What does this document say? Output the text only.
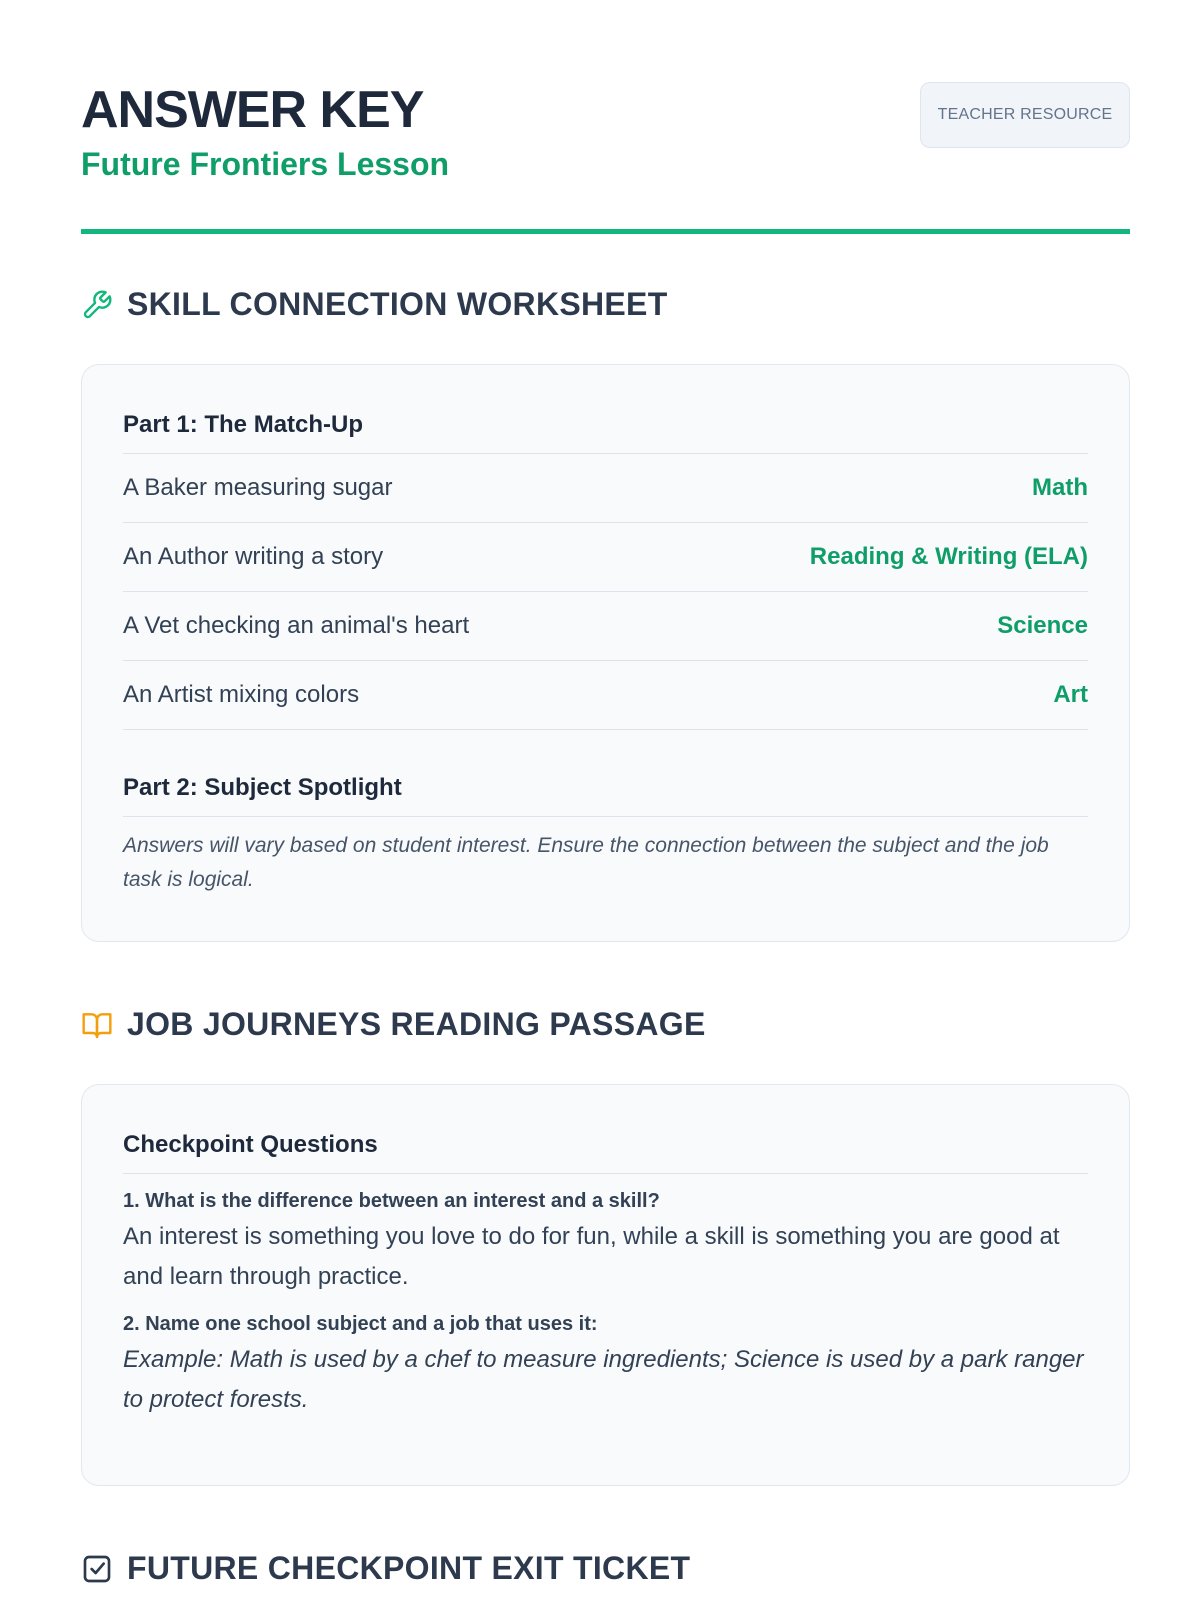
ANSWER KEY
Future Frontiers Lesson
TEACHER RESOURCE
SKILL CONNECTION WORKSHEET
Part 1: The Match-Up
A Baker measuring sugar	Math
An Author writing a story	Reading & Writing (ELA)
A Vet checking an animal's heart	Science
An Artist mixing colors	Art
Part 2: Subject Spotlight
Answers will vary based on student interest. Ensure the connection between the subject and the job task is logical.
JOB JOURNEYS READING PASSAGE
Checkpoint Questions
1. What is the difference between an interest and a skill?
An interest is something you love to do for fun, while a skill is something you are good at and learn through practice.
2. Name one school subject and a job that uses it:
Example: Math is used by a chef to measure ingredients; Science is used by a park ranger to protect forests.
FUTURE CHECKPOINT EXIT TICKET
